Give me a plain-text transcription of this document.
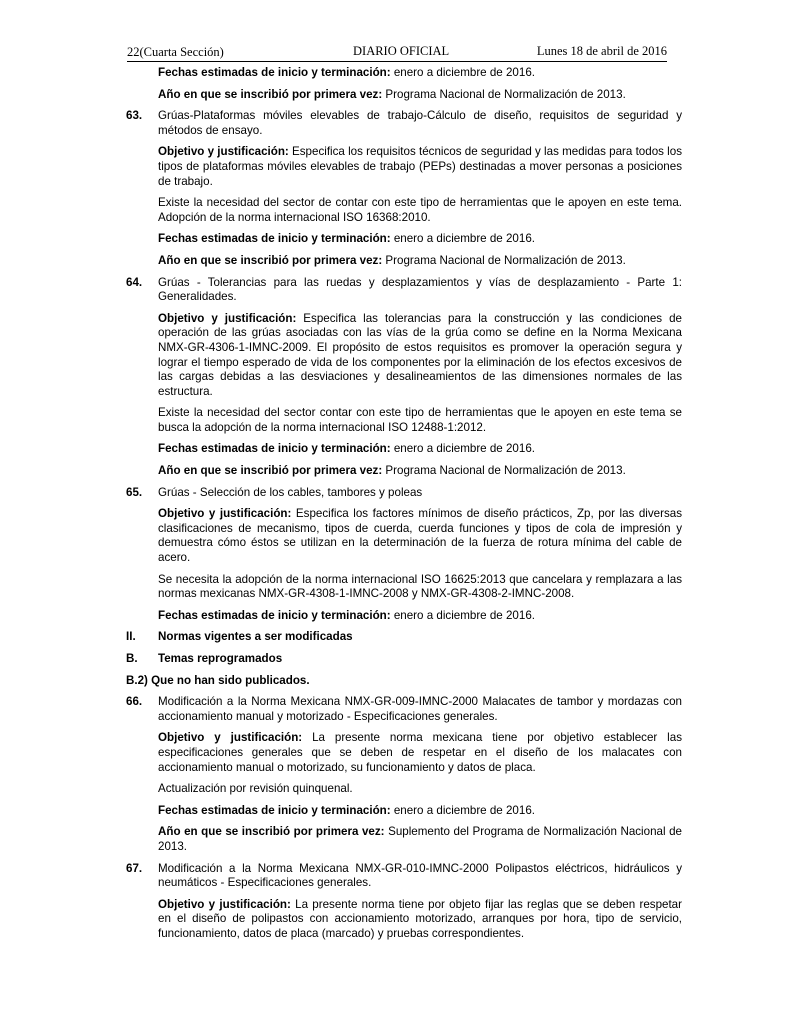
22
(Cuarta Sección)	DIARIO OFICIAL	Lunes 18 de abril de 2016

Fechas estimadas de inicio y terminación: enero a diciembre de 2016.

Año en que se inscribió por primera vez: Programa Nacional de Normalización de 2013.

63. Grúas-Plataformas móviles elevables de trabajo-Cálculo de diseño, requisitos de seguridad y métodos de ensayo.

Objetivo y justificación: Especifica los requisitos técnicos de seguridad y las medidas para todos los tipos de plataformas móviles elevables de trabajo (PEPs) destinadas a mover personas a posiciones de trabajo.

Existe la necesidad del sector de contar con este tipo de herramientas que le apoyen en este tema. Adopción de la norma internacional ISO 16368:2010.

Fechas estimadas de inicio y terminación: enero a diciembre de 2016.

Año en que se inscribió por primera vez: Programa Nacional de Normalización de 2013.

64. Grúas - Tolerancias para las ruedas y desplazamientos y vías de desplazamiento - Parte 1: Generalidades.

Objetivo y justificación: Especifica las tolerancias para la construcción y las condiciones de operación de las grúas asociadas con las vías de la grúa como se define en la Norma Mexicana NMX-GR-4306-1-IMNC-2009. El propósito de estos requisitos es promover la operación segura y lograr el tiempo esperado de vida de los componentes por la eliminación de los efectos excesivos de las cargas debidas a las desviaciones y desalineamientos de las dimensiones normales de las estructura.

Existe la necesidad del sector contar con este tipo de herramientas que le apoyen en este tema se busca la adopción de la norma internacional ISO 12488-1:2012.

Fechas estimadas de inicio y terminación: enero a diciembre de 2016.

Año en que se inscribió por primera vez: Programa Nacional de Normalización de 2013.

65. Grúas - Selección de los cables, tambores y poleas

Objetivo y justificación: Especifica los factores mínimos de diseño prácticos, Zp, por las diversas clasificaciones de mecanismo, tipos de cuerda, cuerda funciones y tipos de cola de impresión y demuestra cómo éstos se utilizan en la determinación de la fuerza de rotura mínima del cable de acero.

Se necesita la adopción de la norma internacional ISO 16625:2013 que cancelara y remplazara a las normas mexicanas NMX-GR-4308-1-IMNC-2008 y NMX-GR-4308-2-IMNC-2008.

Fechas estimadas de inicio y terminación: enero a diciembre de 2016.

II. Normas vigentes a ser modificadas
B. Temas reprogramados

B.2) Que no han sido publicados.

66. Modificación a la Norma Mexicana NMX-GR-009-IMNC-2000 Malacates de tambor y mordazas con accionamiento manual y motorizado - Especificaciones generales.

Objetivo y justificación: La presente norma mexicana tiene por objetivo establecer las especificaciones generales que se deben de respetar en el diseño de los malacates con accionamiento manual o motorizado, su funcionamiento y datos de placa.

Actualización por revisión quinquenal.

Fechas estimadas de inicio y terminación: enero a diciembre de 2016.

Año en que se inscribió por primera vez: Suplemento del Programa de Normalización Nacional de 2013.

67. Modificación a la Norma Mexicana NMX-GR-010-IMNC-2000 Polipastos eléctricos, hidráulicos y neumáticos - Especificaciones generales.

Objetivo y justificación: La presente norma tiene por objeto fijar las reglas que se deben respetar en el diseño de polipastos con accionamiento motorizado, arranques por hora, tipo de servicio, funcionamiento, datos de placa (marcado) y pruebas correspondientes.
